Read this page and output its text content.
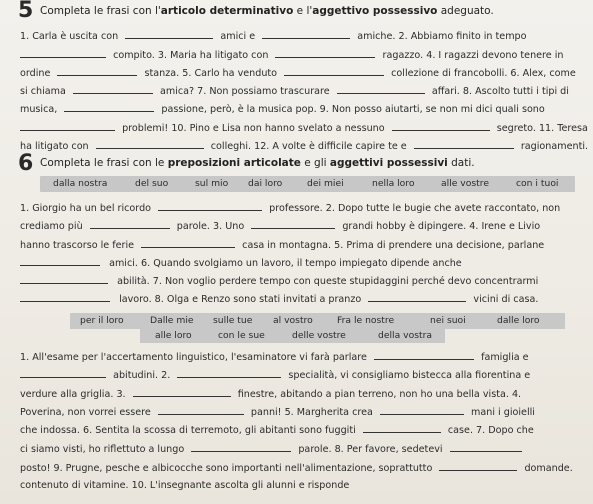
5 Completa le frasi con l'articolo determinativo e l'aggettivo possessivo adeguato.
1. Carla è uscita con	amici e	amiche. 2. Abbiamo finito in tempo
compito. 3. Maria ha litigato con	ragazzo. 4. I ragazzi devono tenere in
ordine	stanza. 5. Carlo ha venduto	collezione di francobolli. 6. Alex, come
si chiama	amica? 7. Non possiamo trascurare	affari. 8. Ascolto tutti i tipi di
musica,	passione, però, è la musica pop. 9. Non posso aiutarti, se non mi dici quali sono
problemi! 10. Pino e Lisa non hanno svelato a nessuno	segreto. 11. Teresa
ha litigato con	colleghi. 12. A volte è difficile capire te e	ragionamenti.
6 Completa le frasi con le preposizioni articolate e gli aggettivi possessivi dati.
dalla nostra	del suo	sul mio dai loro	dei miei	nella loro	alle vostre	con i tuoi
1. Giorgio ha un bel ricordo	professore. 2. Dopo tutte le bugie che avete raccontato, non
crediamo più	parole. 3. Uno	grandi hobby è dipingere. 4. Irene e Livio
hanno trascorso le ferie	casa in montagna. 5. Prima di prendere una decisione, parlane
amici. 6. Quando svolgiamo un lavoro, il tempo impiegato dipende anche
abilità. 7. Non voglio perdere tempo con queste stupidaggini perché devo concentrarmi
lavoro. 8. Olga e Renzo sono stati invitati a pranzo	vicini di casa.
per il loro	Dalle mie sulle tue al vostro	Fra le nostre	nei suoi	dalle loro
alle loro	con le sue	delle vostre	della vostra
1. All'esame per l'accertamento linguistico, l'esaminatore vi farà parlare	famiglia e
abitudini. 2.	specialità, vi consigliamo bistecca alla fiorentina e
verdure alla griglia. 3.	finestre, abitando a pian terreno, non ho una bella vista. 4.
Poverina, non vorrei essere	panni! 5. Margherita crea	mani i gioielli
che indossa. 6. Sentita la scossa di terremoto, gli abitanti sono fuggiti	case. 7. Dopo che
ci siamo visti, ho riflettuto a lungo	parole. 8. Per favore, sedetevi
posto! 9. Prugne, pesche e albicocche sono importanti nell'alimentazione, soprattutto	domande.
contenuto di vitamine. 10. L'insegnante ascolta gli alunni e risponde
